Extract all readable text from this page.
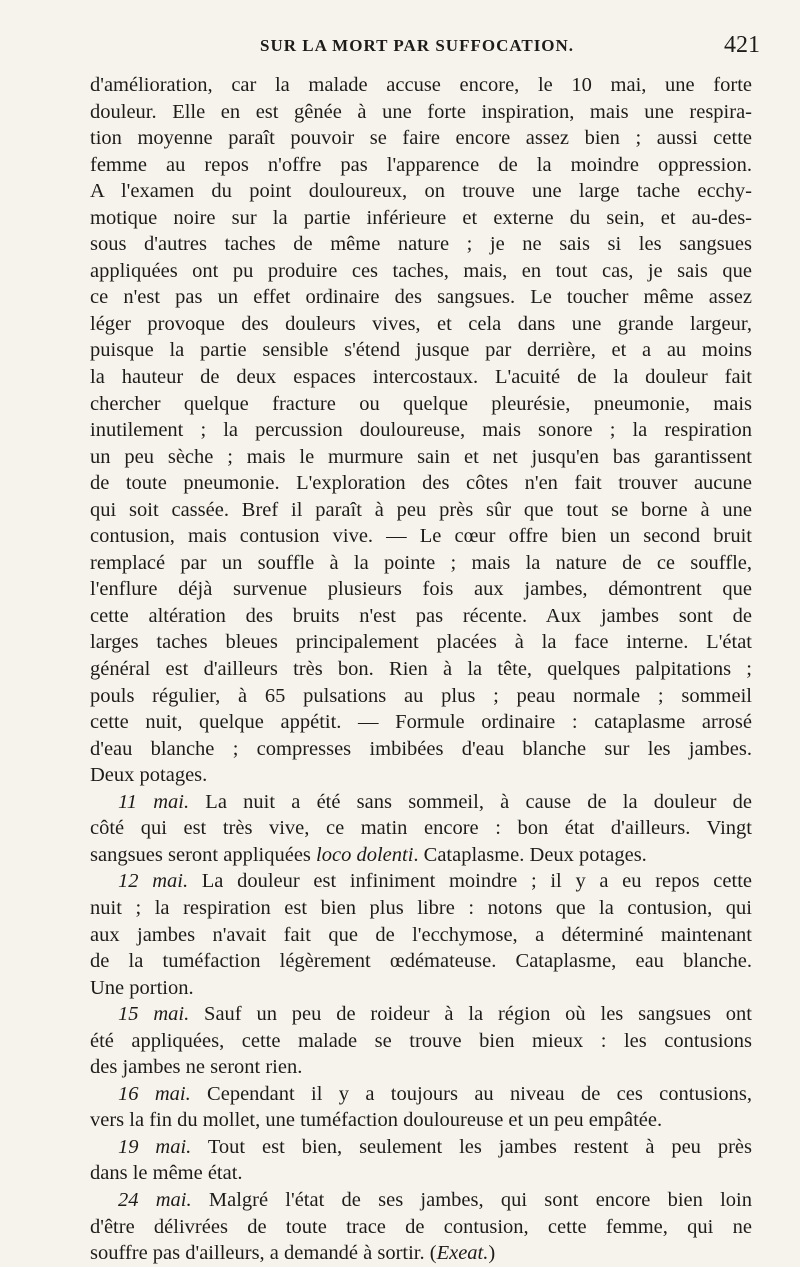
SUR LA MORT PAR SUFFOCATION.	421
d'amélioration, car la malade accuse encore, le 10 mai, une forte
douleur. Elle en est gênée à une forte inspiration, mais une respira-
tion moyenne paraît pouvoir se faire encore assez bien ; aussi cette
femme au repos n'offre pas l'apparence de la moindre oppression.
A l'examen du point douloureux, on trouve une large tache ecchy-
motique noire sur la partie inférieure et externe du sein, et au-des-
sous d'autres taches de même nature ; je ne sais si les sangsues
appliquées ont pu produire ces taches, mais, en tout cas, je sais que
ce n'est pas un effet ordinaire des sangsues. Le toucher même assez
léger provoque des douleurs vives, et cela dans une grande largeur,
puisque la partie sensible s'étend jusque par derrière, et a au moins
la hauteur de deux espaces intercostaux. L'acuité de la douleur fait
chercher quelque fracture ou quelque pleurésie, pneumonie, mais
inutilement ; la percussion douloureuse, mais sonore ; la respiration
un peu sèche ; mais le murmure sain et net jusqu'en bas garantissent
de toute pneumonie. L'exploration des côtes n'en fait trouver aucune
qui soit cassée. Bref il paraît à peu près sûr que tout se borne à une
contusion, mais contusion vive. — Le cœur offre bien un second bruit
remplacé par un souffle à la pointe ; mais la nature de ce souffle,
l'enflure déjà survenue plusieurs fois aux jambes, démontrent que
cette altération des bruits n'est pas récente. Aux jambes sont de
larges taches bleues principalement placées à la face interne. L'état
général est d'ailleurs très bon. Rien à la tête, quelques palpitations ;
pouls régulier, à 65 pulsations au plus ; peau normale ; sommeil
cette nuit, quelque appétit. — Formule ordinaire : cataplasme arrosé
d'eau blanche ; compresses imbibées d'eau blanche sur les jambes.
Deux potages.
11 mai. La nuit a été sans sommeil, à cause de la douleur de
côté qui est très vive, ce matin encore : bon état d'ailleurs. Vingt
sangsues seront appliquées loco dolenti. Cataplasme. Deux potages.
12 mai. La douleur est infiniment moindre ; il y a eu repos cette
nuit ; la respiration est bien plus libre : notons que la contusion, qui
aux jambes n'avait fait que de l'ecchymose, a déterminé maintenant
de la tuméfaction légèrement œdémateuse. Cataplasme, eau blanche.
Une portion.
15 mai. Sauf un peu de roideur à la région où les sangsues ont
été appliquées, cette malade se trouve bien mieux : les contusions
des jambes ne seront rien.
16 mai. Cependant il y a toujours au niveau de ces contusions,
vers la fin du mollet, une tuméfaction douloureuse et un peu empâtée.
19 mai. Tout est bien, seulement les jambes restent à peu près
dans le même état.
24 mai. Malgré l'état de ses jambes, qui sont encore bien loin
d'être délivrées de toute trace de contusion, cette femme, qui ne
souffre pas d'ailleurs, a demandé à sortir. (Exeat.)
